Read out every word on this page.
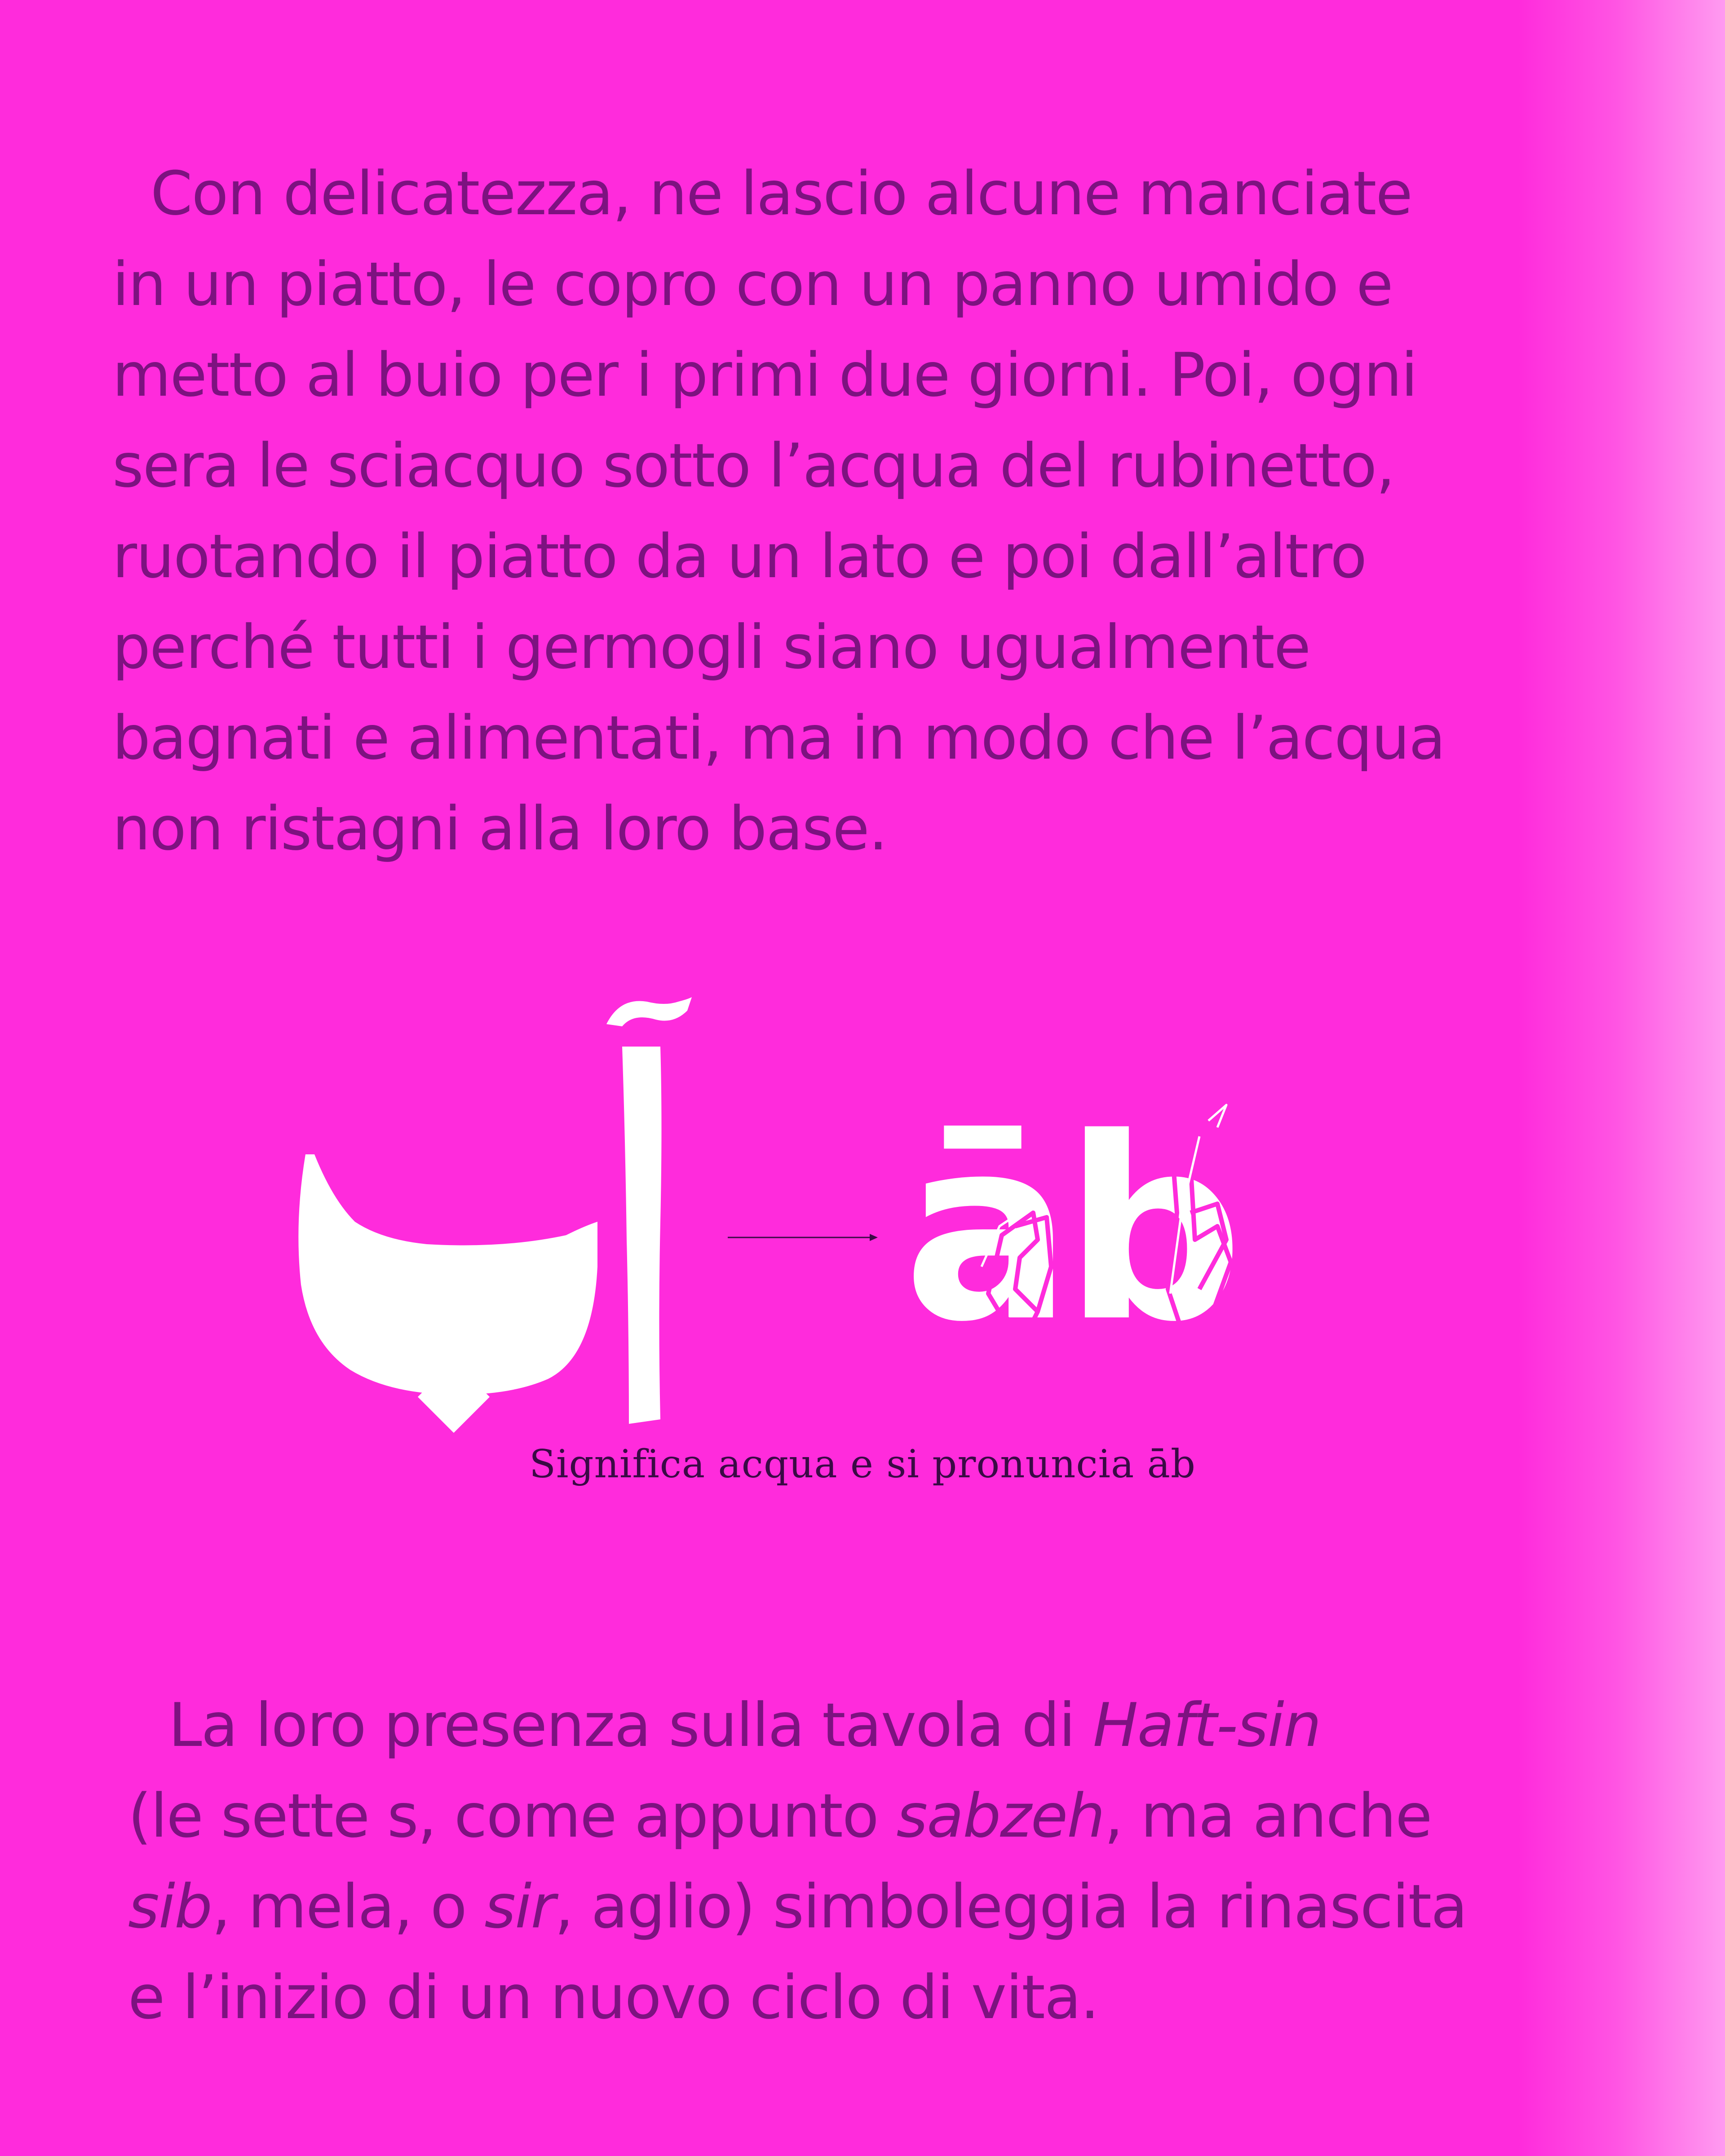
Con delicatezza, ne lascio alcune manciate
in un piatto, le copro con un panno umido e
metto al buio per i primi due giorni. Poi, ogni
sera le sciacquo sotto l’acqua del rubinetto,
ruotando il piatto da un lato e poi dall’altro
perché tutti i germogli siano ugualmente
bagnati e alimentati, ma in modo che l’acqua
non ristagni alla loro base.
āb
Significa acqua e si pronuncia āb
La loro presenza sulla tavola di Haft-sin
(le sette s, come appunto sabzeh, ma anche
sib, mela, o sir, aglio) simboleggia la rinascita
e l’inizio di un nuovo ciclo di vita.
